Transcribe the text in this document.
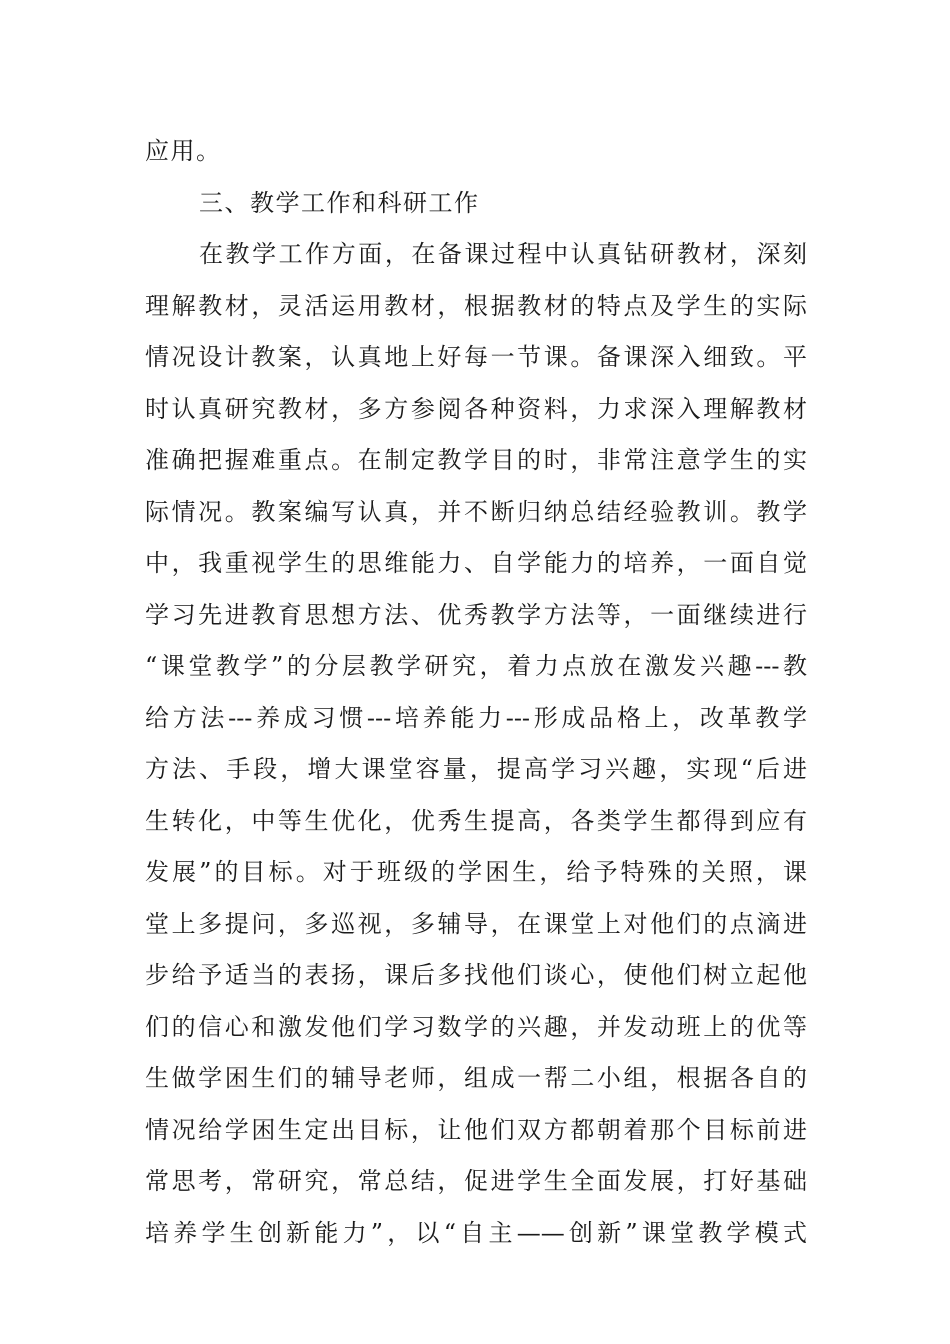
应用。
三、教学工作和科研工作
在教学工作方面，在备课过程中认真钻研教材，深刻
理解教材，灵活运用教材，根据教材的特点及学生的实际
情况设计教案，认真地上好每一节课。备课深入细致。平
时认真研究教材，多方参阅各种资料，力求深入理解教材
准确把握难重点。在制定教学目的时，非常注意学生的实
际情况。教案编写认真，并不断归纳总结经验教训。教学
中，我重视学生的思维能力、自学能力的培养，一面自觉
学习先进教育思想方法、优秀教学方法等，一面继续进行
“课堂教学”的分层教学研究，着力点放在激发兴趣---教
给方法---养成习惯---培养能力---形成品格上，改革教学
方法、手段，增大课堂容量，提高学习兴趣，实现“后进
生转化，中等生优化，优秀生提高，各类学生都得到应有
发展”的目标。对于班级的学困生，给予特殊的关照，课
堂上多提问，多巡视，多辅导，在课堂上对他们的点滴进
步给予适当的表扬，课后多找他们谈心，使他们树立起他
们的信心和激发他们学习数学的兴趣，并发动班上的优等
生做学困生们的辅导老师，组成一帮二小组，根据各自的
情况给学困生定出目标，让他们双方都朝着那个目标前进
常思考，常研究，常总结，促进学生全面发展，打好基础
培养学生创新能力”，以“自主——创新”课堂教学模式
